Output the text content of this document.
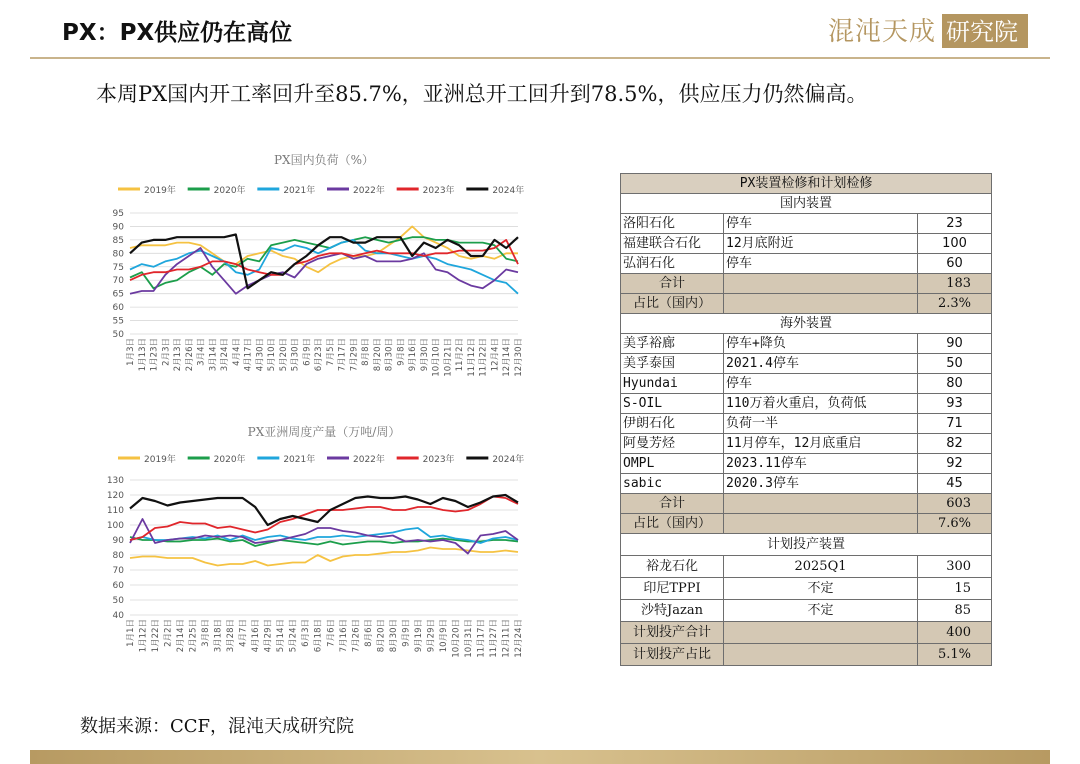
PX：PX供应仍在高位	混沌天成 研究院
本周PX国内开工率回升至85.7%，亚洲总开工回升到78.5%，供应压力仍然偏高。
PX国内负荷（%）
2019年	2020年	2021年	2022年	2023年	2024年
50
55
60
65
70
75
80
85
90
95
1月3日 1月13日 1月23日 2月3日 2月13日 2月26日 3月4日 3月14日 3月24日 4月4日 4月17日 4月30日 5月10日 5月20日 5月30日 6月9日 6月23日 7月5日 7月17日 7月29日 8月8日 8月20日 8月30日 9月8日 9月16日 9月30日 10月10日 10月21日 11月2日 11月12日 11月22日 12月4日 12月14日 12月30日
PX亚洲周度产量（万吨/周）
2019年	2020年	2021年	2022年	2023年	2024年
40
50
60
70
80
90
100
110
120
130
1月1日 1月12日 1月22日 2月2日 2月14日 2月25日 3月8日 3月18日 3月28日 4月7日 4月16日 4月29日 5月14日 5月24日 6月3日 6月18日 7月6日 7月16日 7月26日 8月6日 8月20日 8月30日 9月9日 9月19日 9月29日 10月9日 10月20日 10月31日 11月17日 11月27日 12月11日 12月24日
PX装置检修和计划检修		
国内装置		
洛阳石化	停车	23
福建联合石化	12月底附近	100
弘润石化	停车	60
合计		183
占比（国内）		2.3%
海外装置		
美孚裕廊	停车+降负	90
美孚泰国	2021.4停车	50
Hyundai	停车	80
S-OIL	110万着火重启，负荷低	93
伊朗石化	负荷一半	71
阿曼芳烃	11月停车，12月底重启	82
OMPL	2023.11停车	92
sabic	2020.3停车	45
合计		603
占比（国内）		7.6%
计划投产装置		
裕龙石化	2025Q1	300
印尼TPPI	不定	15
沙特Jazan	不定	85
计划投产合计		400
计划投产占比		5.1%
数据来源：CCF，混沌天成研究院
